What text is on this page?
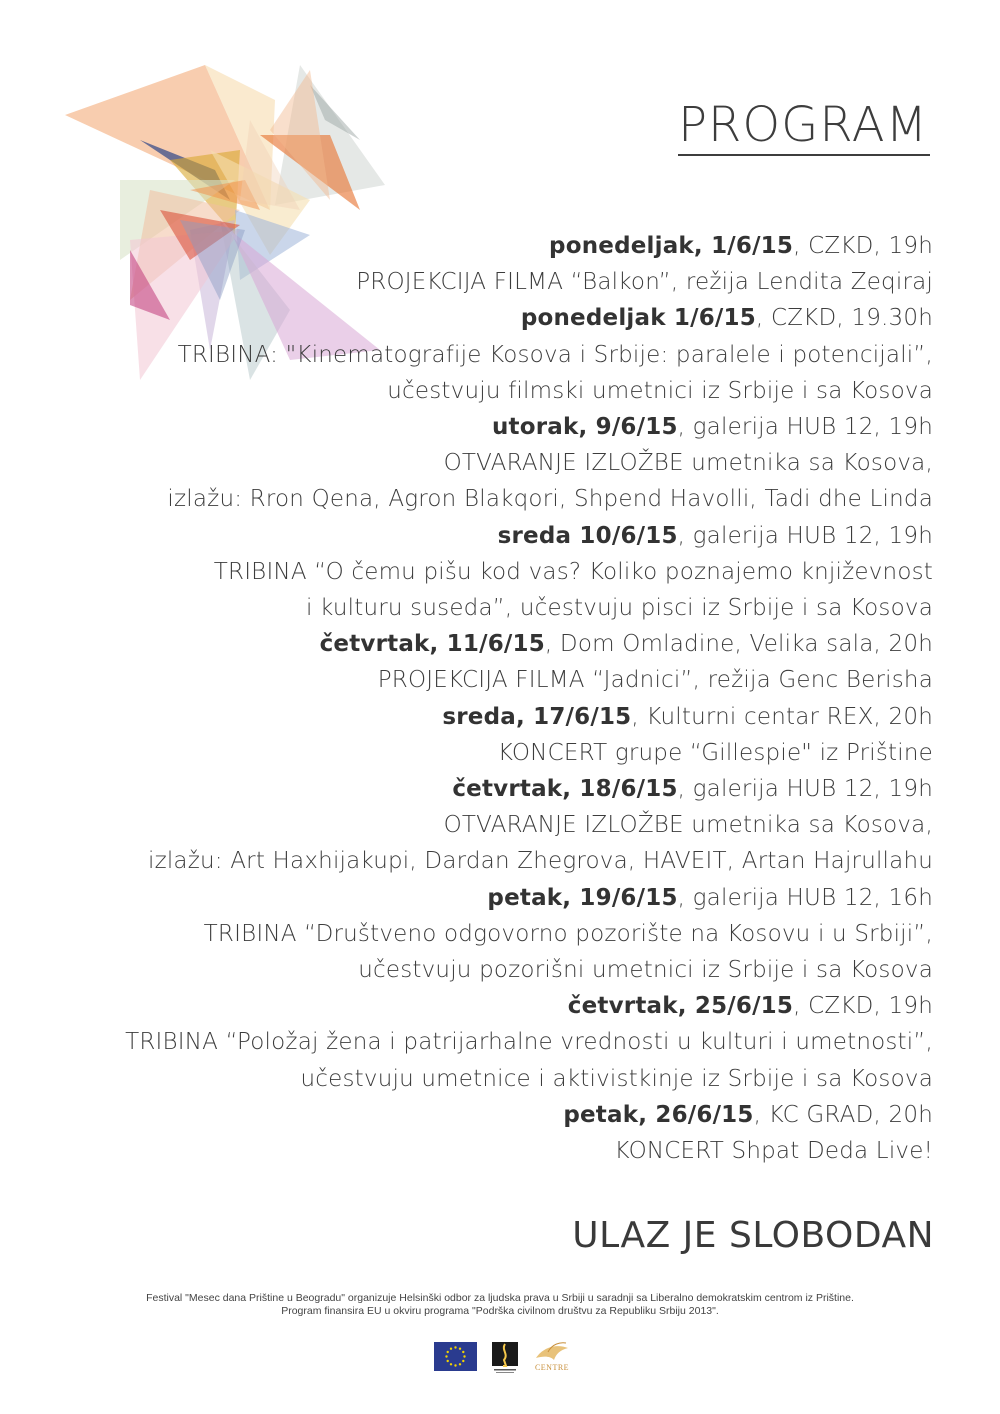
PROGRAM
ponedeljak, 1/6/15, CZKD, 19h
PROJEKCIJA FILMA “Balkon”, režija Lendita Zeqiraj
ponedeljak 1/6/15, CZKD, 19.30h
TRIBINA: "Kinematografije Kosova i Srbije: paralele i potencijali”,
učestvuju filmski umetnici iz Srbije i sa Kosova
utorak, 9/6/15, galerija HUB 12, 19h
OTVARANJE IZLOŽBE umetnika sa Kosova,
izlažu: Rron Qena, Agron Blakqori, Shpend Havolli, Tadi dhe Linda
sreda 10/6/15, galerija HUB 12, 19h
TRIBINA “O čemu pišu kod vas? Koliko poznajemo književnost
i kulturu suseda”, učestvuju pisci iz Srbije i sa Kosova
četvrtak, 11/6/15, Dom Omladine, Velika sala, 20h
PROJEKCIJA FILMA “Jadnici”, režija Genc Berisha
sreda, 17/6/15, Kulturni centar REX, 20h
KONCERT grupe “Gillespie" iz Prištine
četvrtak, 18/6/15, galerija HUB 12, 19h
OTVARANJE IZLOŽBE umetnika sa Kosova,
izlažu: Art Haxhijakupi, Dardan Zhegrova, HAVEIT, Artan Hajrullahu
petak, 19/6/15, galerija HUB 12, 16h
TRIBINA “Društveno odgovorno pozorište na Kosovu i u Srbiji”,
učestvuju pozorišni umetnici iz Srbije i sa Kosova
četvrtak, 25/6/15, CZKD, 19h
TRIBINA “Položaj žena i patrijarhalne vrednosti u kulturi i umetnosti”,
učestvuju umetnice i aktivistkinje iz Srbije i sa Kosova
petak, 26/6/15, KC GRAD, 20h
KONCERT Shpat Deda Live!
ULAZ JE SLOBODAN
Festival "Mesec dana Prištine u Beogradu" organizuje Helsinški odbor za ljudska prava u Srbiji u saradnji sa Liberalno demokratskim centrom iz Prištine.
Program finansira EU u okviru programa "Podrška civilnom društvu za Republiku Srbiju 2013".
CENTRE
